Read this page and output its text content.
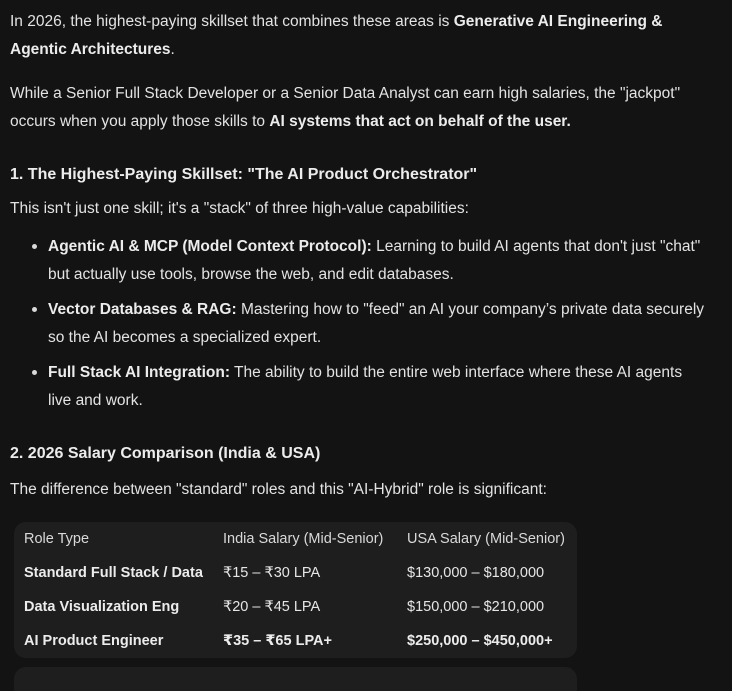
In 2026, the highest-paying skillset that combines these areas is Generative AI Engineering & Agentic Architectures.

While a Senior Full Stack Developer or a Senior Data Analyst can earn high salaries, the "jackpot" occurs when you apply those skills to AI systems that act on behalf of the user.

1. The Highest-Paying Skillset: "The AI Product Orchestrator"

This isn't just one skill; it's a "stack" of three high-value capabilities:

Agentic AI & MCP (Model Context Protocol): Learning to build AI agents that don't just "chat" but actually use tools, browse the web, and edit databases.
Vector Databases & RAG: Mastering how to "feed" an AI your company’s private data securely so the AI becomes a specialized expert.
Full Stack AI Integration: The ability to build the entire web interface where these AI agents live and work.
2. 2026 Salary Comparison (India & USA)

The difference between "standard" roles and this "AI-Hybrid" role is significant:

Role Type	India Salary (Mid-Senior)	USA Salary (Mid-Senior)
Standard Full Stack / Data	₹15 – ₹30 LPA	$130,000 – $180,000
Data Visualization Eng	₹20 – ₹45 LPA	$150,000 – $210,000
AI Product Engineer	₹35 – ₹65 LPA+	$250,000 – $450,000+
